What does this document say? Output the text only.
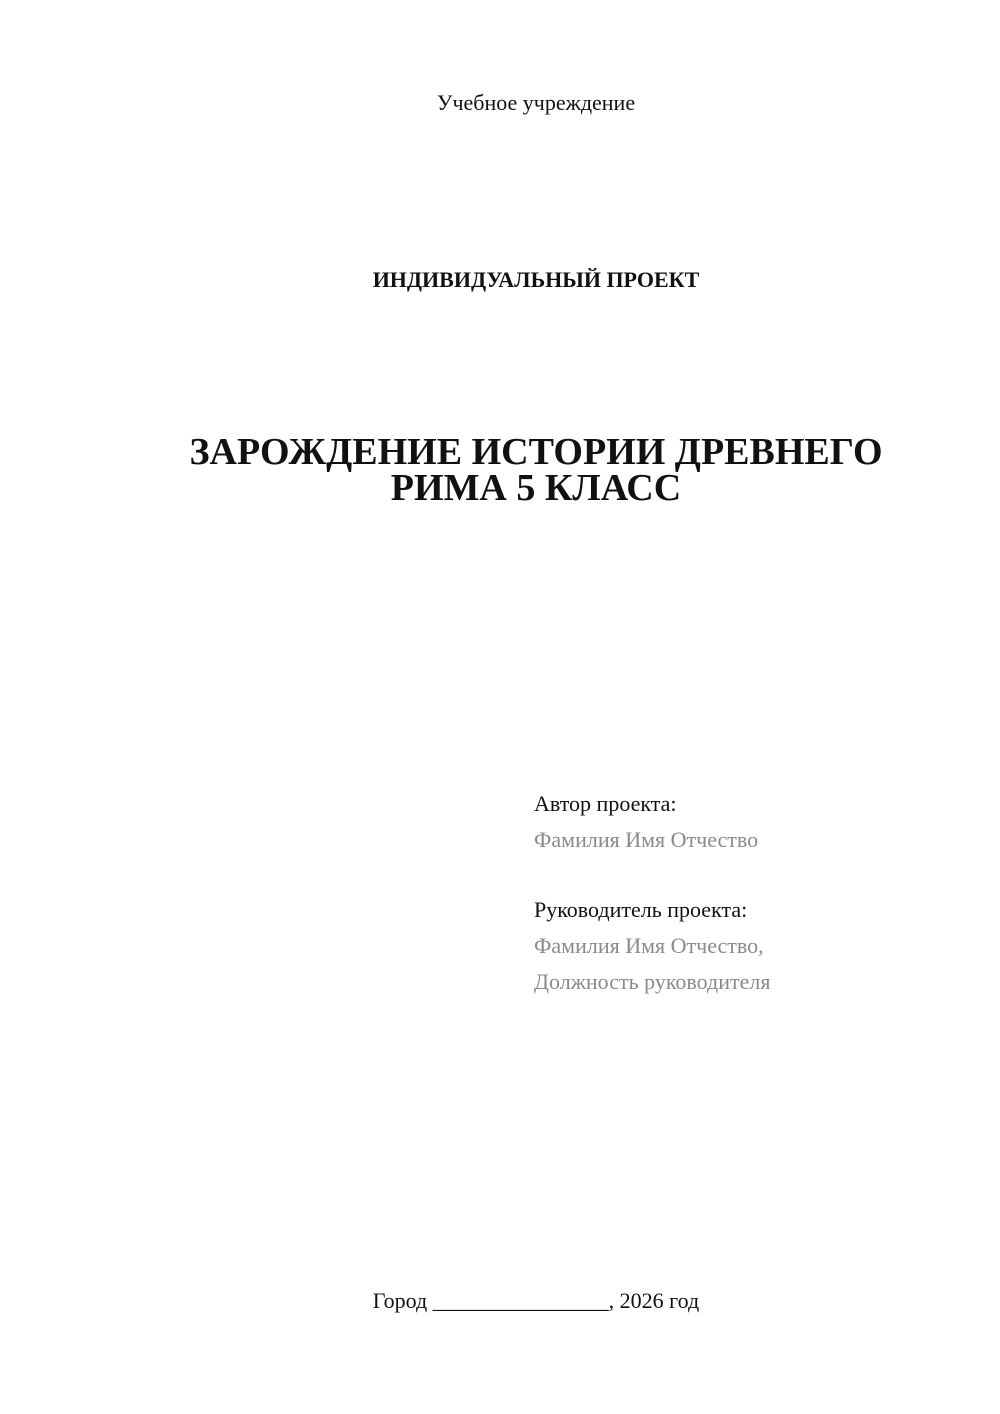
Учебное учреждение
ИНДИВИДУАЛЬНЫЙ ПРОЕКТ
ЗАРОЖДЕНИЕ ИСТОРИИ ДРЕВНЕГО
РИМА 5 КЛАСС
Автор проекта:
Фамилия Имя Отчество
Руководитель проекта:
Фамилия Имя Отчество,
Должность руководителя
Город ________________, 2026 год
